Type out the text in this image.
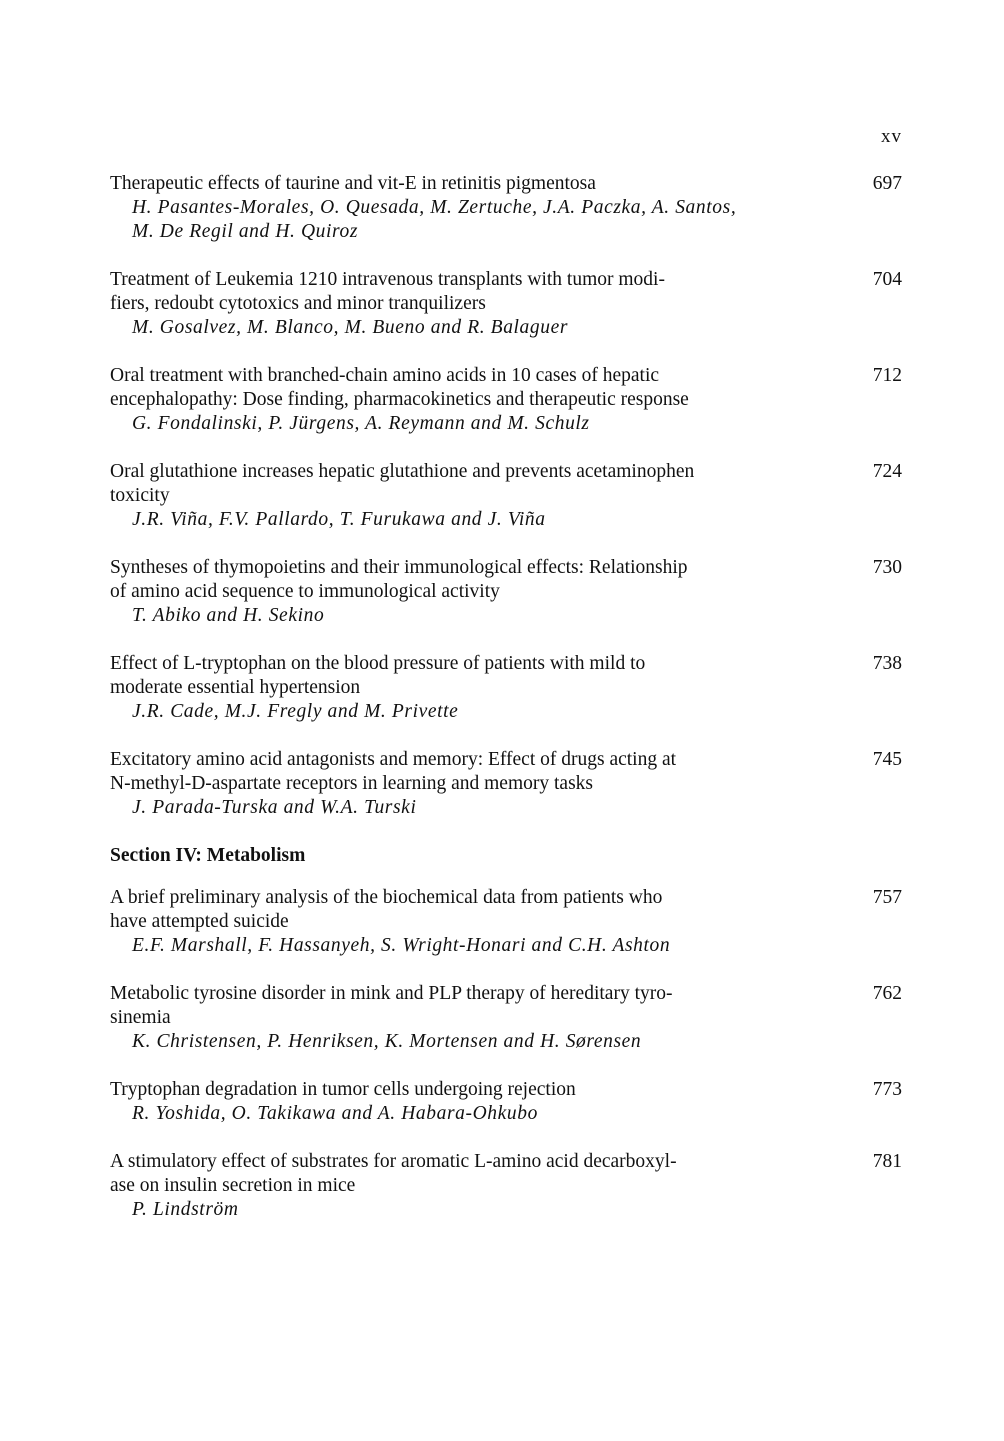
xv
Therapeutic effects of taurine and vit-E in retinitis pigmentosa
H. Pasantes-Morales, O. Quesada, M. Zertuche, J.A. Paczka, A. Santos,
M. De Regil and H. Quiroz
697
Treatment of Leukemia 1210 intravenous transplants with tumor modi-
fiers, redoubt cytotoxics and minor tranquilizers
M. Gosalvez, M. Blanco, M. Bueno and R. Balaguer
704
Oral treatment with branched-chain amino acids in 10 cases of hepatic
encephalopathy: Dose finding, pharmacokinetics and therapeutic response
G. Fondalinski, P. Jürgens, A. Reymann and M. Schulz
712
Oral glutathione increases hepatic glutathione and prevents acetaminophen
toxicity
J.R. Viña, F.V. Pallardo, T. Furukawa and J. Viña
724
Syntheses of thymopoietins and their immunological effects: Relationship
of amino acid sequence to immunological activity
T. Abiko and H. Sekino
730
Effect of L-tryptophan on the blood pressure of patients with mild to
moderate essential hypertension
J.R. Cade, M.J. Fregly and M. Privette
738
Excitatory amino acid antagonists and memory: Effect of drugs acting at
N-methyl-D-aspartate receptors in learning and memory tasks
J. Parada-Turska and W.A. Turski
745
Section IV: Metabolism
A brief preliminary analysis of the biochemical data from patients who
have attempted suicide
E.F. Marshall, F. Hassanyeh, S. Wright-Honari and C.H. Ashton
757
Metabolic tyrosine disorder in mink and PLP therapy of hereditary tyro-
sinemia
K. Christensen, P. Henriksen, K. Mortensen and H. Sørensen
762
Tryptophan degradation in tumor cells undergoing rejection
R. Yoshida, O. Takikawa and A. Habara-Ohkubo
773
A stimulatory effect of substrates for aromatic L-amino acid decarboxyl-
ase on insulin secretion in mice
P. Lindström
781
